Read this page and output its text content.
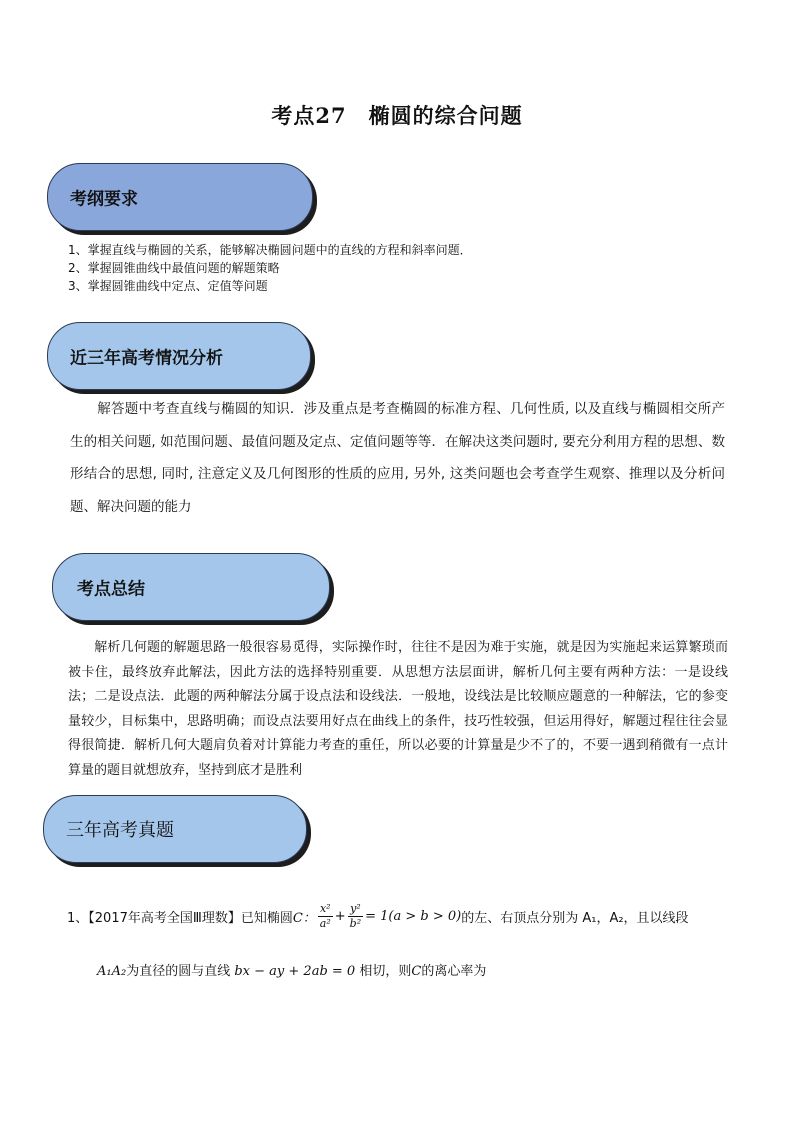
考点27　椭圆的综合问题
考纲要求
1、掌握直线与椭圆的关系，能够解决椭圆问题中的直线的方程和斜率问题．
2、掌握圆锥曲线中最值问题的解题策略
3、掌握圆锥曲线中定点、定值等问题
近三年高考情况分析
解答题中考查直线与椭圆的知识．涉及重点是考查椭圆的标准方程、几何性质, 以及直线与椭圆相交所产生的相关问题, 如范围问题、最值问题及定点、定值问题等等．在解决这类问题时, 要充分利用方程的思想、数形结合的思想, 同时, 注意定义及几何图形的性质的应用, 另外, 这类问题也会考查学生观察、推理以及分析问题、解决问题的能力
考点总结
解析几何题的解题思路一般很容易觅得，实际操作时，往往不是因为难于实施，就是因为实施起来运算繁琐而被卡住，最终放弃此解法，因此方法的选择特别重要．从思想方法层面讲，解析几何主要有两种方法：一是设线法；二是设点法．此题的两种解法分属于设点法和设线法．一般地，设线法是比较顺应题意的一种解法，它的参变量较少，目标集中，思路明确；而设点法要用好点在曲线上的条件，技巧性较强，但运用得好，解题过程往往会显得很简捷．解析几何大题肩负着对计算能力考查的重任，所以必要的计算量是少不了的，不要一遇到稍微有一点计算量的题目就想放弃，坚持到底才是胜利
三年高考真题
1、【2017年高考全国Ⅲ理数】已知椭圆 C： $\frac{\text{x²}}{\text{a²}} + \frac{\text{y²}}{\text{b²}} = 1(a > b > 0)$ 的左、右顶点分别为 A₁，A₂，且以线段
A₁A₂为直径的圆与直线 bx − ay + 2ab = 0 相切，则C的离心率为
